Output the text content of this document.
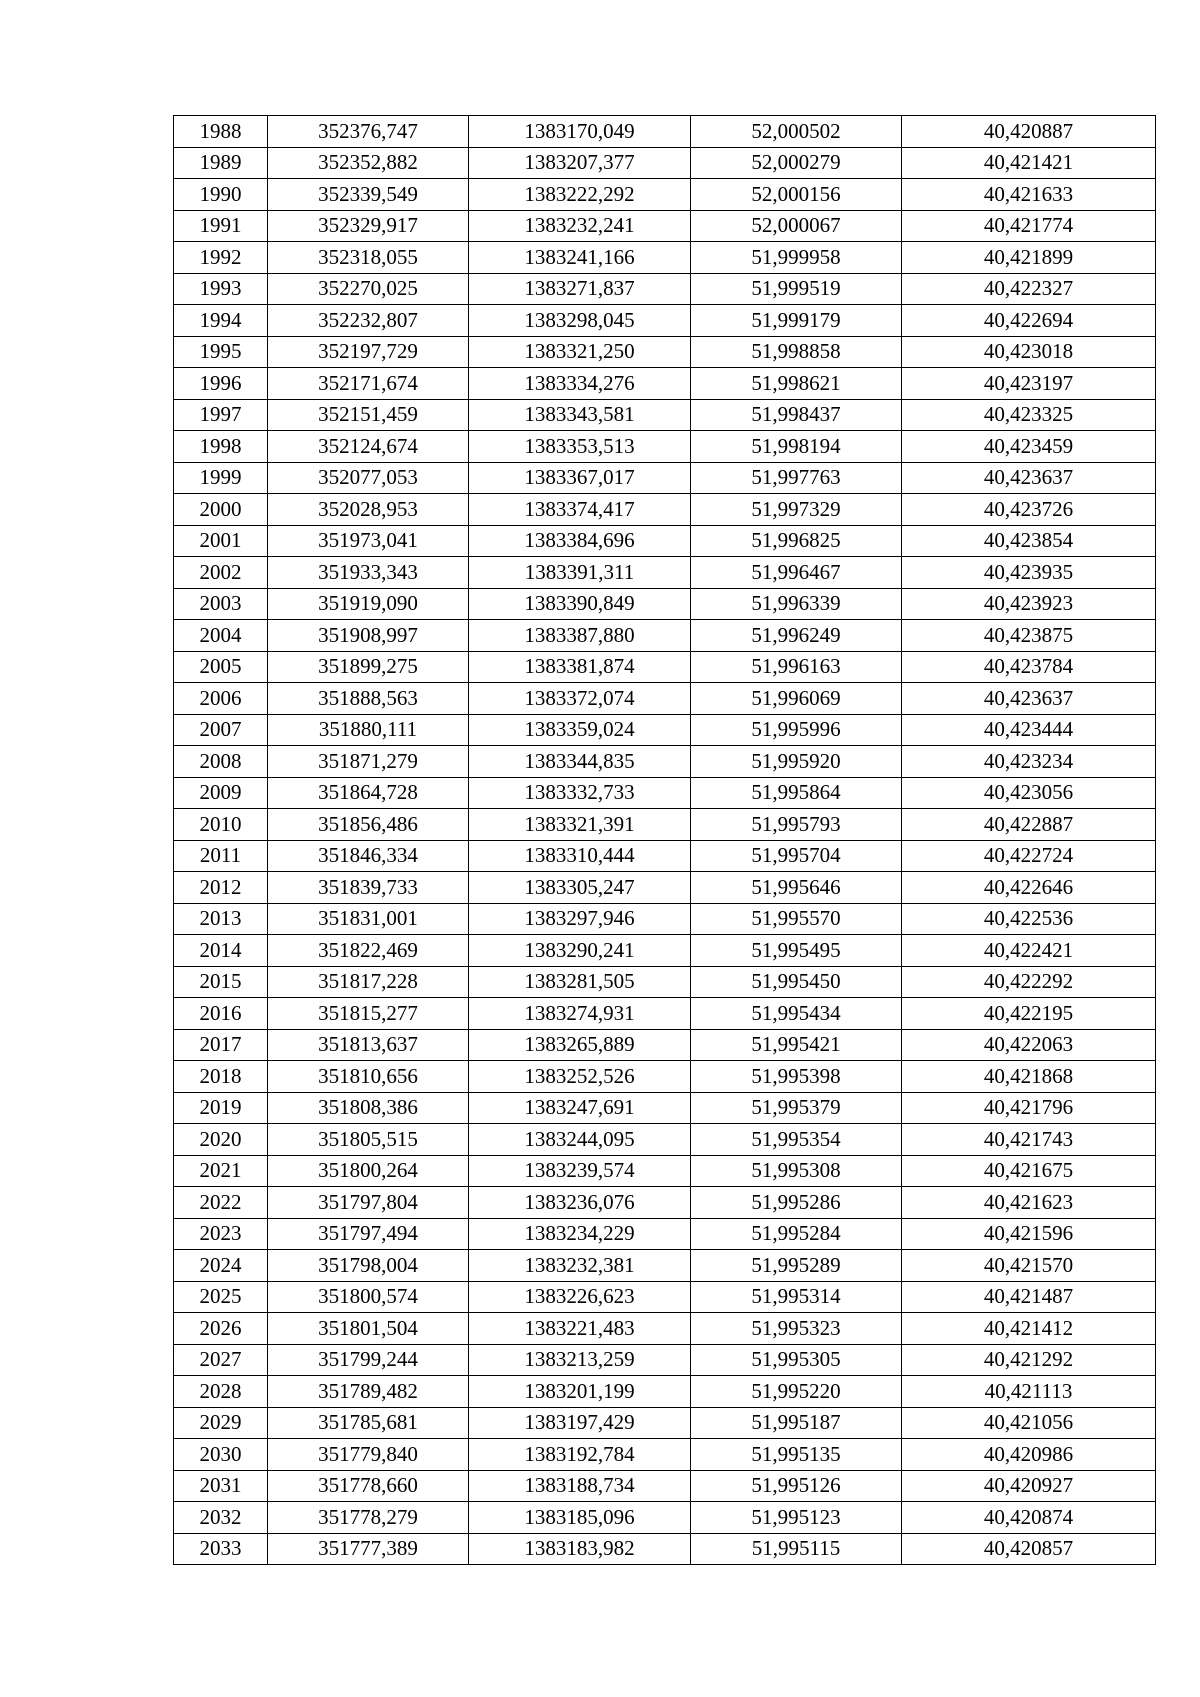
1988	352376,747	1383170,049	52,000502	40,420887
1989	352352,882	1383207,377	52,000279	40,421421
1990	352339,549	1383222,292	52,000156	40,421633
1991	352329,917	1383232,241	52,000067	40,421774
1992	352318,055	1383241,166	51,999958	40,421899
1993	352270,025	1383271,837	51,999519	40,422327
1994	352232,807	1383298,045	51,999179	40,422694
1995	352197,729	1383321,250	51,998858	40,423018
1996	352171,674	1383334,276	51,998621	40,423197
1997	352151,459	1383343,581	51,998437	40,423325
1998	352124,674	1383353,513	51,998194	40,423459
1999	352077,053	1383367,017	51,997763	40,423637
2000	352028,953	1383374,417	51,997329	40,423726
2001	351973,041	1383384,696	51,996825	40,423854
2002	351933,343	1383391,311	51,996467	40,423935
2003	351919,090	1383390,849	51,996339	40,423923
2004	351908,997	1383387,880	51,996249	40,423875
2005	351899,275	1383381,874	51,996163	40,423784
2006	351888,563	1383372,074	51,996069	40,423637
2007	351880,111	1383359,024	51,995996	40,423444
2008	351871,279	1383344,835	51,995920	40,423234
2009	351864,728	1383332,733	51,995864	40,423056
2010	351856,486	1383321,391	51,995793	40,422887
2011	351846,334	1383310,444	51,995704	40,422724
2012	351839,733	1383305,247	51,995646	40,422646
2013	351831,001	1383297,946	51,995570	40,422536
2014	351822,469	1383290,241	51,995495	40,422421
2015	351817,228	1383281,505	51,995450	40,422292
2016	351815,277	1383274,931	51,995434	40,422195
2017	351813,637	1383265,889	51,995421	40,422063
2018	351810,656	1383252,526	51,995398	40,421868
2019	351808,386	1383247,691	51,995379	40,421796
2020	351805,515	1383244,095	51,995354	40,421743
2021	351800,264	1383239,574	51,995308	40,421675
2022	351797,804	1383236,076	51,995286	40,421623
2023	351797,494	1383234,229	51,995284	40,421596
2024	351798,004	1383232,381	51,995289	40,421570
2025	351800,574	1383226,623	51,995314	40,421487
2026	351801,504	1383221,483	51,995323	40,421412
2027	351799,244	1383213,259	51,995305	40,421292
2028	351789,482	1383201,199	51,995220	40,421113
2029	351785,681	1383197,429	51,995187	40,421056
2030	351779,840	1383192,784	51,995135	40,420986
2031	351778,660	1383188,734	51,995126	40,420927
2032	351778,279	1383185,096	51,995123	40,420874
2033	351777,389	1383183,982	51,995115	40,420857
